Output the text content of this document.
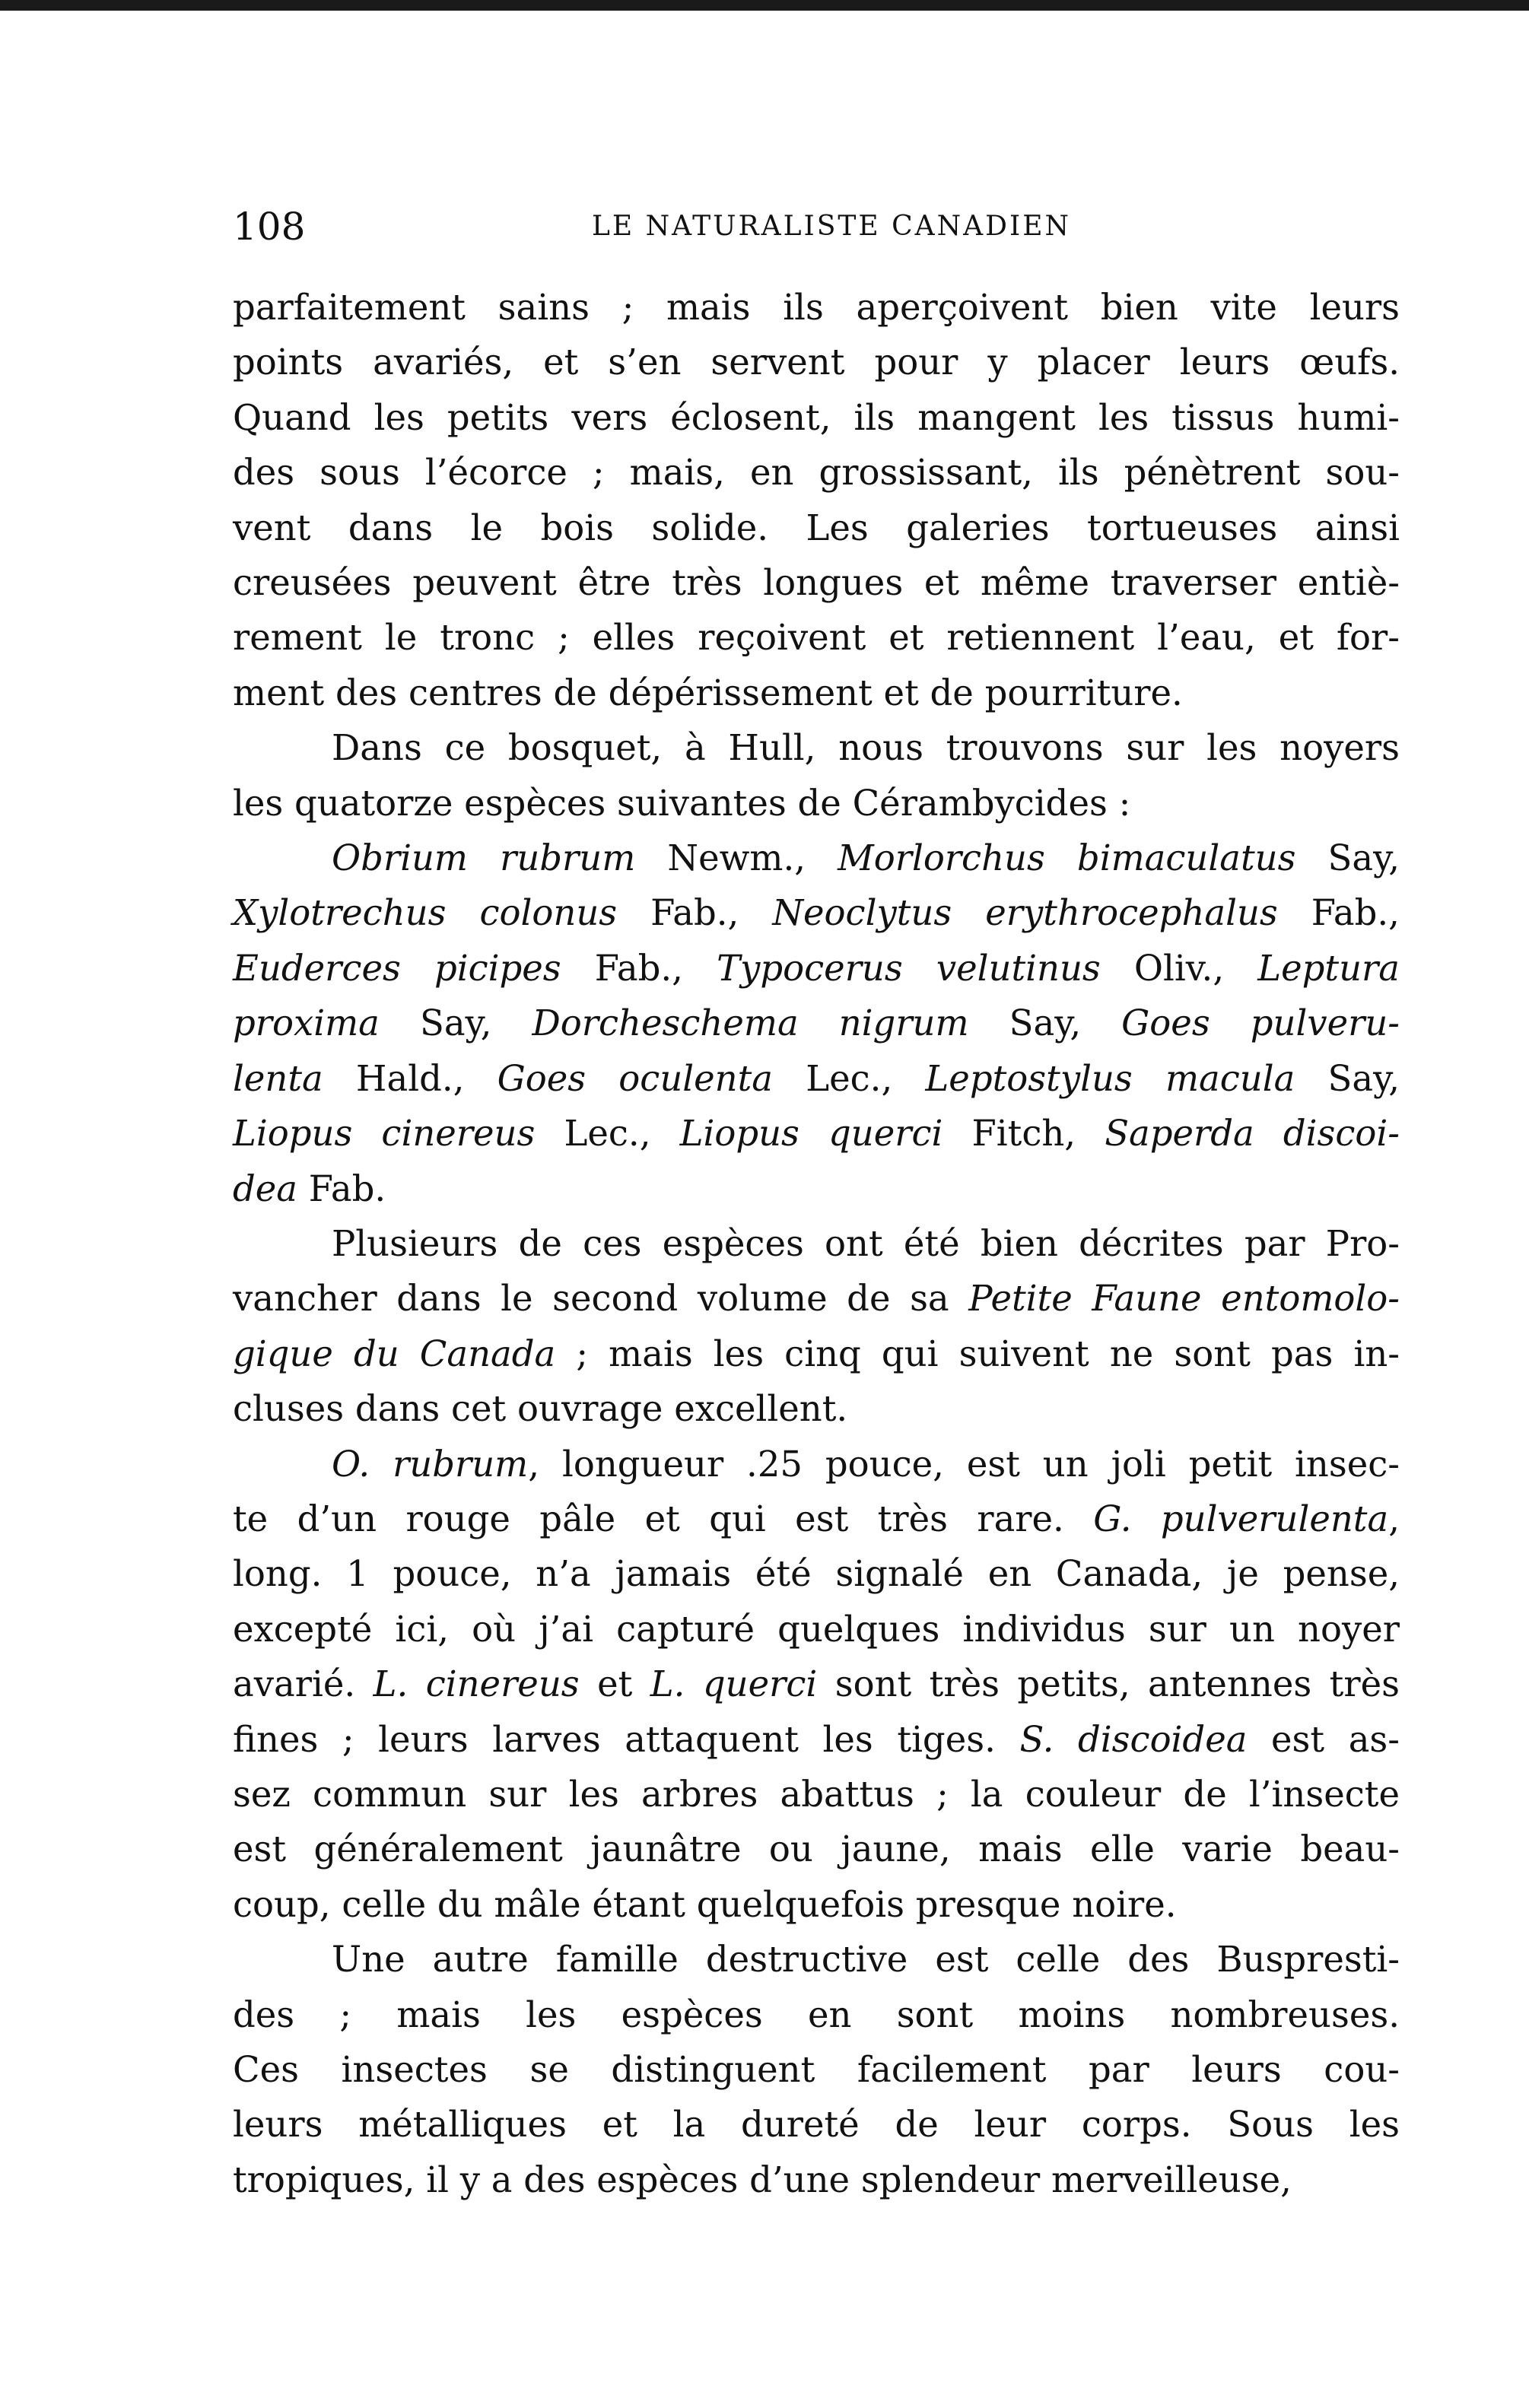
108	LE NATURALISTE CANADIEN
parfaitement sains ; mais ils aperçoivent bien vite leurs
points avariés, et s’en servent pour y placer leurs œufs.
Quand les petits vers éclosent, ils mangent les tissus humi-
des sous l’écorce ; mais, en grossissant, ils pénètrent sou-
vent dans le bois solide. Les galeries tortueuses ainsi
creusées peuvent être très longues et même traverser entiè-
rement le tronc ; elles reçoivent et retiennent l’eau, et for-
ment des centres de dépérissement et de pourriture.
Dans ce bosquet, à Hull, nous trouvons sur les noyers
les quatorze espèces suivantes de Cérambycides :
Obrium rubrum Newm., Morlorchus bimaculatus Say,
Xylotrechus colonus Fab., Neoclytus erythrocephalus Fab.,
Euderces picipes Fab., Typocerus velutinus Oliv., Leptura
proxima Say, Dorcheschema nigrum Say, Goes pulveru-
lenta Hald., Goes oculenta Lec., Leptostylus macula Say,
Liopus cinereus Lec., Liopus querci Fitch, Saperda discoi-
dea Fab.
Plusieurs de ces espèces ont été bien décrites par Pro-
vancher dans le second volume de sa Petite Faune entomolo-
gique du Canada ; mais les cinq qui suivent ne sont pas in-
cluses dans cet ouvrage excellent.
O. rubrum, longueur .25 pouce, est un joli petit insec-
te d’un rouge pâle et qui est très rare. G. pulverulenta,
long. 1 pouce, n’a jamais été signalé en Canada, je pense,
excepté ici, où j’ai capturé quelques individus sur un noyer
avarié. L. cinereus et L. querci sont très petits, antennes très
fines ; leurs larves attaquent les tiges. S. discoidea est as-
sez commun sur les arbres abattus ; la couleur de l’insecte
est généralement jaunâtre ou jaune, mais elle varie beau-
coup, celle du mâle étant quelquefois presque noire.
Une autre famille destructive est celle des Buspresti-
des ; mais les espèces en sont moins nombreuses.
Ces insectes se distinguent facilement par leurs cou-
leurs métalliques et la dureté de leur corps. Sous les
tropiques, il y a des espèces d’une splendeur merveilleuse,
